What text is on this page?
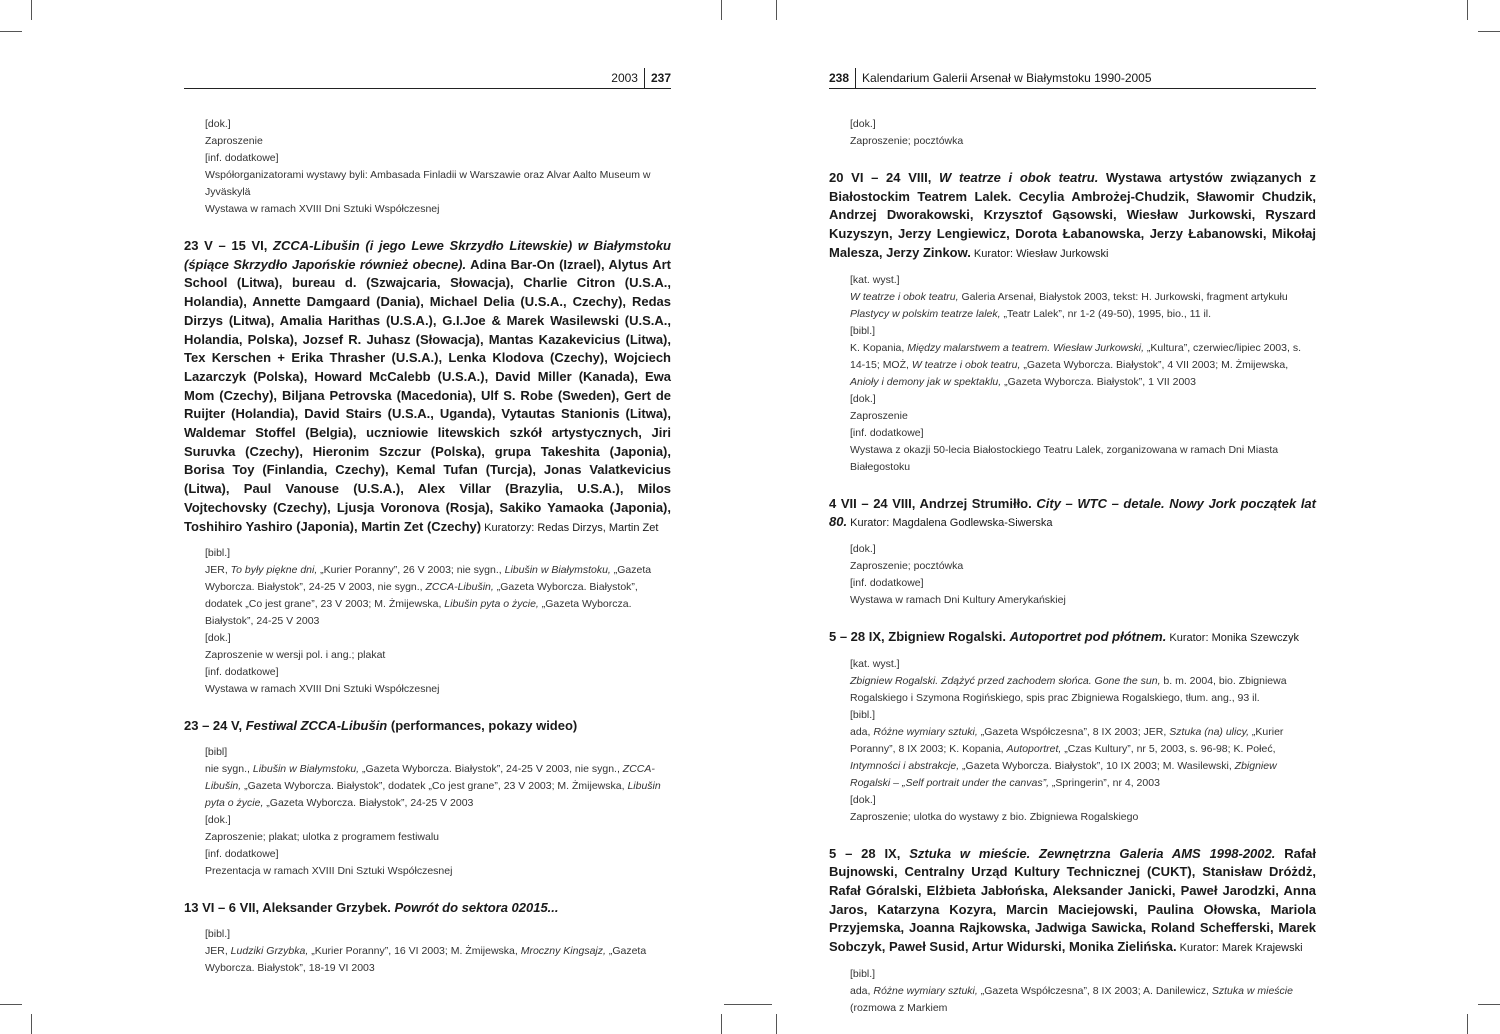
2003 237
[dok.]
Zaproszenie
[inf. dodatkowe]
Współorganizatorami wystawy byli: Ambasada Finladii w Warszawie oraz Alvar Aalto Museum w Jyväskylä
Wystawa w ramach XVIII Dni Sztuki Współczesnej

23 V – 15 VI, ZCCA-Libušin (i jego Lewe Skrzydło Litewskie) w Białymstoku (śpiące Skrzydło Japońskie również obecne). Adina Bar-On (Izrael), Alytus Art School (Litwa), bureau d. (Szwajcaria, Słowacja), Charlie Citron (U.S.A., Holandia), Annette Damgaard (Dania), Michael Delia (U.S.A., Czechy), Redas Dirzys (Litwa), Amalia Harithas (U.S.A.), G.I.Joe & Marek Wasilewski (U.S.A., Holandia, Polska), Jozsef R. Juhasz (Słowacja), Mantas Kazakevicius (Litwa), Tex Kerschen + Erika Thrasher (U.S.A.), Lenka Klodova (Czechy), Wojciech Lazarczyk (Polska), Howard McCalebb (U.S.A.), David Miller (Kanada), Ewa Mom (Czechy), Biljana Petrovska (Macedonia), Ulf S. Robe (Sweden), Gert de Ruijter (Holandia), David Stairs (U.S.A., Uganda), Vytautas Stanionis (Litwa), Waldemar Stoffel (Belgia), uczniowie litewskich szkół artystycznych, Jiri Suruvka (Czechy), Hieronim Szczur (Polska), grupa Takeshita (Japonia), Borisa Toy (Finlandia, Czechy), Kemal Tufan (Turcja), Jonas Valatkevicius (Litwa), Paul Vanouse (U.S.A.), Alex Villar (Brazylia, U.S.A.), Milos Vojtechovsky (Czechy), Ljusja Voronova (Rosja), Sakiko Yamaoka (Japonia), Toshihiro Yashiro (Japonia), Martin Zet (Czechy) Kuratorzy: Redas Dirzys, Martin Zet

[bibl.]
JER, To były piękne dni, „Kurier Poranny”, 26 V 2003; nie sygn., Libušin w Białymstoku, „Gazeta Wyborcza. Białystok”, 24-25 V 2003, nie sygn., ZCCA-Libušin, „Gazeta Wyborcza. Białystok”, dodatek „Co jest grane”, 23 V 2003; M. Żmijewska, Libušin pyta o życie, „Gazeta Wyborcza. Białystok”, 24-25 V 2003
[dok.]
Zaproszenie w wersji pol. i ang.; plakat
[inf. dodatkowe]
Wystawa w ramach XVIII Dni Sztuki Współczesnej

23 – 24 V, Festiwal ZCCA-Libušin (performances, pokazy wideo)

[bibl]
nie sygn., Libušin w Białymstoku, „Gazeta Wyborcza. Białystok”, 24-25 V 2003, nie sygn., ZCCA-Libušin, „Gazeta Wyborcza. Białystok”, dodatek „Co jest grane”, 23 V 2003; M. Żmijewska, Libušin pyta o życie, „Gazeta Wyborcza. Białystok”, 24-25 V 2003
[dok.]
Zaproszenie; plakat; ulotka z programem festiwalu
[inf. dodatkowe]
Prezentacja w ramach XVIII Dni Sztuki Współczesnej

13 VI – 6 VII, Aleksander Grzybek. Powrót do sektora 02015...

[bibl.]
JER, Ludziki Grzybka, „Kurier Poranny”, 16 VI 2003; M. Żmijewska, Mroczny Kingsajz, „Gazeta Wyborcza. Białystok”, 18-19 VI 2003
238 Kalendarium Galerii Arsenał w Białymstoku 1990-2005
[dok.]
Zaproszenie; pocztówka

20 VI – 24 VIII, W teatrze i obok teatru. Wystawa artystów związanych z Białostockim Teatrem Lalek. Cecylia Ambrożej-Chudzik, Sławomir Chudzik, Andrzej Dworakowski, Krzysztof Gąsowski, Wiesław Jurkowski, Ryszard Kuzyszyn, Jerzy Lengiewicz, Dorota Łabanowska, Jerzy Łabanowski, Mikołaj Malesza, Jerzy Zinkow. Kurator: Wiesław Jurkowski

[kat. wyst.]
W teatrze i obok teatru, Galeria Arsenał, Białystok 2003, tekst: H. Jurkowski, fragment artykułu Plastycy w polskim teatrze lalek, „Teatr Lalek”, nr 1-2 (49-50), 1995, bio., 11 il.
[bibl.]
K. Kopania, Między malarstwem a teatrem. Wiesław Jurkowski, „Kultura”, czerwiec/lipiec 2003, s. 14-15; MOŻ, W teatrze i obok teatru, „Gazeta Wyborcza. Białystok”, 4 VII 2003; M. Żmijewska, Anioły i demony jak w spektaklu, „Gazeta Wyborcza. Białystok”, 1 VII 2003
[dok.]
Zaproszenie
[inf. dodatkowe]
Wystawa z okazji 50-lecia Białostockiego Teatru Lalek, zorganizowana w ramach Dni Miasta Białegostoku

4 VII – 24 VIII, Andrzej Strumiłło. City – WTC – detale. Nowy Jork początek lat 80. Kurator: Magdalena Godlewska-Siwerska

[dok.]
Zaproszenie; pocztówka
[inf. dodatkowe]
Wystawa w ramach Dni Kultury Amerykańskiej

5 – 28 IX, Zbigniew Rogalski. Autoportret pod płótnem. Kurator: Monika Szewczyk

[kat. wyst.]
Zbigniew Rogalski. Zdążyć przed zachodem słońca. Gone the sun, b. m. 2004, bio. Zbigniewa Rogalskiego i Szymona Rogińskiego, spis prac Zbigniewa Rogalskiego, tłum. ang., 93 il.
[bibl.]
ada, Różne wymiary sztuki, „Gazeta Współczesna”, 8 IX 2003; JER, Sztuka (na) ulicy, „Kurier Poranny”, 8 IX 2003; K. Kopania, Autoportret, „Czas Kultury”, nr 5, 2003, s. 96-98; K. Połeć, Intymności i abstrakcje, „Gazeta Wyborcza. Białystok”, 10 IX 2003; M. Wasilewski, Zbigniew Rogalski – „Self portrait under the canvas”, „Springerin”, nr 4, 2003
[dok.]
Zaproszenie; ulotka do wystawy z bio. Zbigniewa Rogalskiego

5 – 28 IX, Sztuka w mieście. Zewnętrzna Galeria AMS 1998-2002. Rafał Bujnowski, Centralny Urząd Kultury Technicznej (CUKT), Stanisław Dróżdż, Rafał Góralski, Elżbieta Jabłońska, Aleksander Janicki, Paweł Jarodzki, Anna Jaros, Katarzyna Kozyra, Marcin Maciejowski, Paulina Ołowska, Mariola Przyjemska, Joanna Rajkowska, Jadwiga Sawicka, Roland Schefferski, Marek Sobczyk, Paweł Susid, Artur Widurski, Monika Zielińska. Kurator: Marek Krajewski

[bibl.]
ada, Różne wymiary sztuki, „Gazeta Współczesna”, 8 IX 2003; A. Danilewicz, Sztuka w mieście (rozmowa z Markiem
